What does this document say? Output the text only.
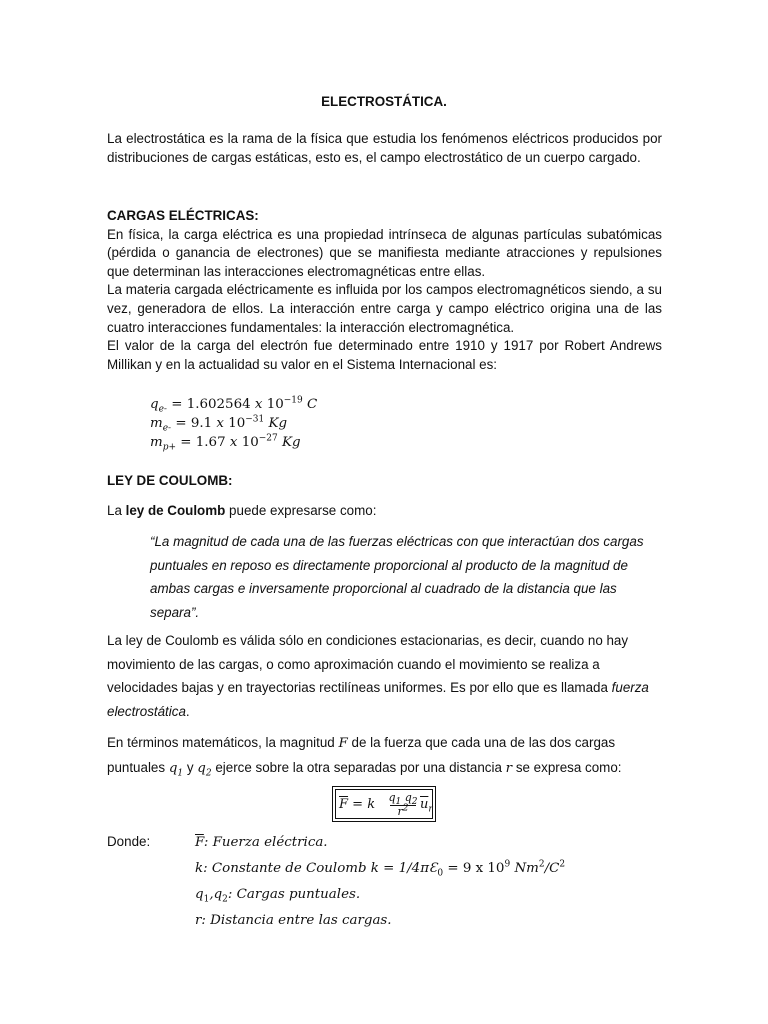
ELECTROSTÁTICA.
La electrostática es la rama de la física que estudia los fenómenos eléctricos producidos por distribuciones de cargas estáticas, esto es, el campo electrostático de un cuerpo cargado.
CARGAS ELÉCTRICAS:
En física, la carga eléctrica es una propiedad intrínseca de algunas partículas subatómicas (pérdida o ganancia de electrones) que se manifiesta mediante atracciones y repulsiones que determinan las interacciones electromagnéticas entre ellas.
La materia cargada eléctricamente es influida por los campos electromagnéticos siendo, a su vez, generadora de ellos. La interacción entre carga y campo eléctrico origina una de las cuatro interacciones fundamentales: la interacción electromagnética.
El valor de la carga del electrón fue determinado entre 1910 y 1917 por Robert Andrews Millikan y en la actualidad su valor en el Sistema Internacional es:
$q_{e-} = 1.602564$ x $10^{-19}$ C
$m_{e-} = 9.1$ x $10^{-31}$ Kg
$m_{p+} = 1.67$ x $10^{-27}$ Kg
LEY DE COULOMB:
La ley de Coulomb puede expresarse como:
“La magnitud de cada una de las fuerzas eléctricas con que interactúan dos cargas puntuales en reposo es directamente proporcional al producto de la magnitud de ambas cargas e inversamente proporcional al cuadrado de la distancia que las separa”.
La ley de Coulomb es válida sólo en condiciones estacionarias, es decir, cuando no hay movimiento de las cargas, o como aproximación cuando el movimiento se realiza a velocidades bajas y en trayectorias rectilíneas uniformes. Es por ello que es llamada fuerza electrostática.
En términos matemáticos, la magnitud F de la fuerza que cada una de las dos cargas puntuales $q_1$ y $q_2$ ejerce sobre la otra separadas por una distancia r se expresa como:
$\overline{F} = k$ $q_1$ $q_2$
$r^2$ $\overline{u}_r$
Donde:	$\overline{F}$: Fuerza eléctrica.
k: Constante de Coulomb $k = 1/4\pi Ɛ_0 = 9$ x $10^9$ $Nm^2/C^2$
$q_1,q_2$: Cargas puntuales.
r: Distancia entre las cargas.
